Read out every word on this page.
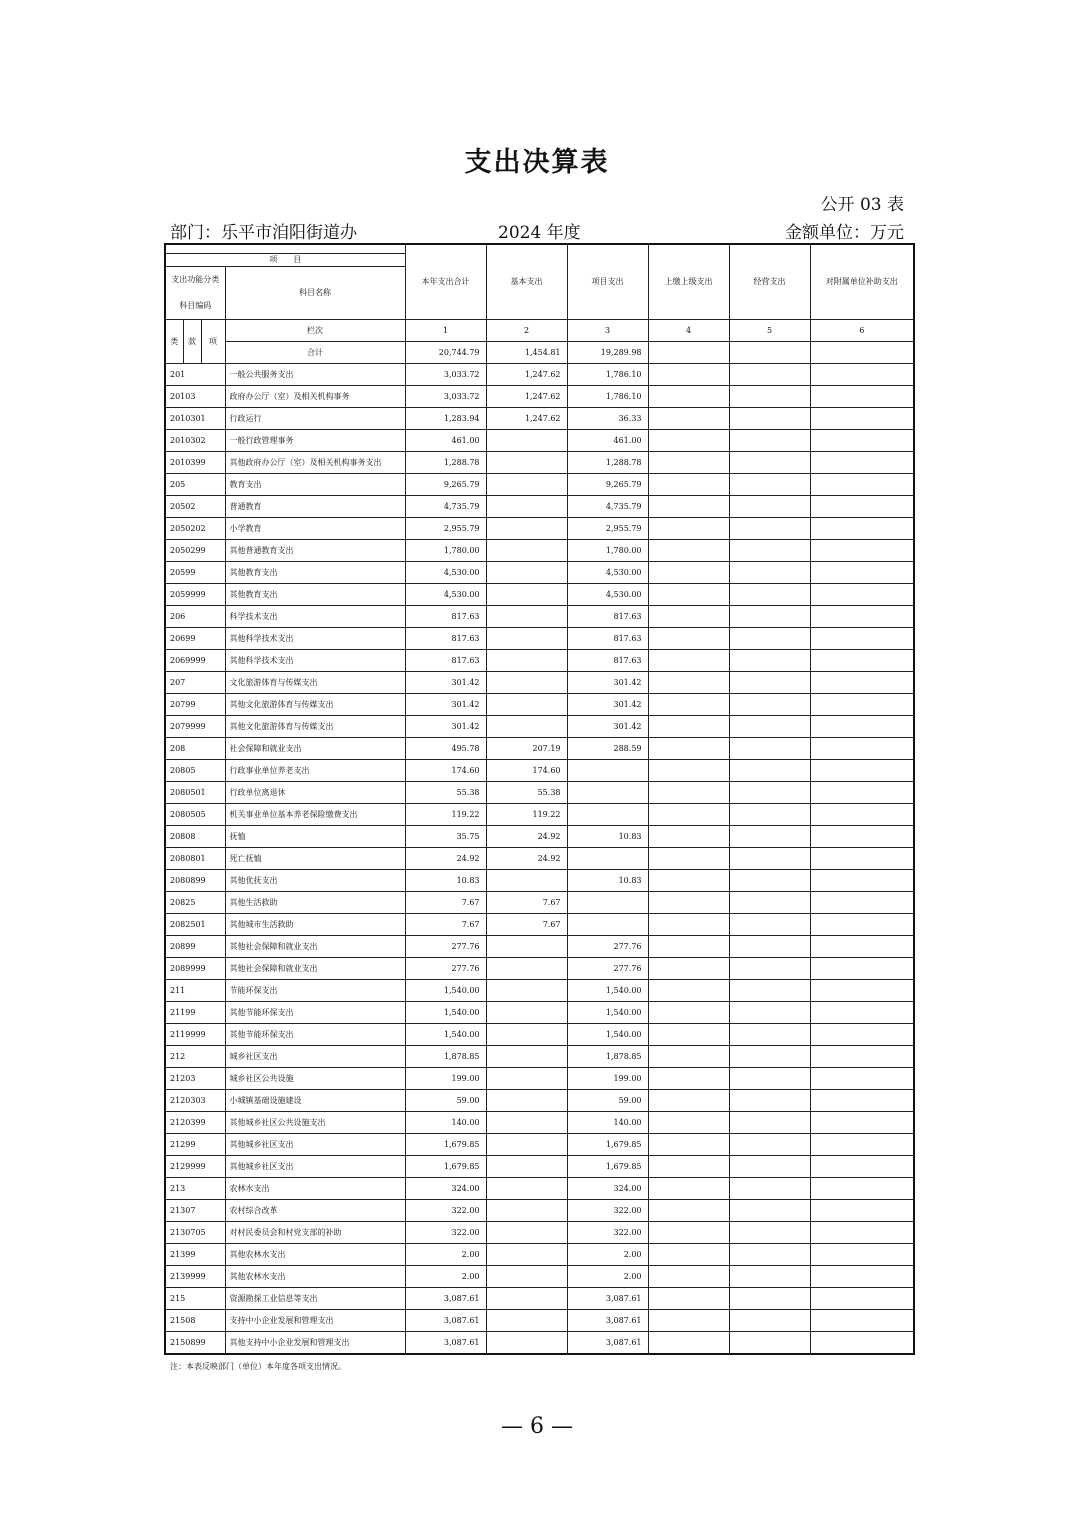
支出决算表
公开 03 表
部门：乐平市洎阳街道办	2024 年度	金额单位：万元
				本年支出合计	基本支出	项目支出	上缴上级支出	经营支出	对附属单位补助支出
项　　目									
支出功能分类科目编码			科目名称						
类	款	项	栏次	1	2	3	4	5	6
			合计	20,744.79	1,454.81	19,289.98			
201			一般公共服务支出	3,033.72	1,247.62	1,786.10			
20103			政府办公厅（室）及相关机构事务	3,033.72	1,247.62	1,786.10			
2010301			行政运行	1,283.94	1,247.62	36.33			
2010302			一般行政管理事务	461.00		461.00			
2010399			其他政府办公厅（室）及相关机构事务支出	1,288.78		1,288.78			
205			教育支出	9,265.79		9,265.79			
20502			普通教育	4,735.79		4,735.79			
2050202			小学教育	2,955.79		2,955.79			
2050299			其他普通教育支出	1,780.00		1,780.00			
20599			其他教育支出	4,530.00		4,530.00			
2059999			其他教育支出	4,530.00		4,530.00			
206			科学技术支出	817.63		817.63			
20699			其他科学技术支出	817.63		817.63			
2069999			其他科学技术支出	817.63		817.63			
207			文化旅游体育与传媒支出	301.42		301.42			
20799			其他文化旅游体育与传媒支出	301.42		301.42			
2079999			其他文化旅游体育与传媒支出	301.42		301.42			
208			社会保障和就业支出	495.78	207.19	288.59			
20805			行政事业单位养老支出	174.60	174.60				
2080501			行政单位离退休	55.38	55.38				
2080505			机关事业单位基本养老保险缴费支出	119.22	119.22				
20808			抚恤	35.75	24.92	10.83			
2080801			死亡抚恤	24.92	24.92				
2080899			其他优抚支出	10.83		10.83			
20825			其他生活救助	7.67	7.67				
2082501			其他城市生活救助	7.67	7.67				
20899			其他社会保障和就业支出	277.76		277.76			
2089999			其他社会保障和就业支出	277.76		277.76			
211			节能环保支出	1,540.00		1,540.00			
21199			其他节能环保支出	1,540.00		1,540.00			
2119999			其他节能环保支出	1,540.00		1,540.00			
212			城乡社区支出	1,878.85		1,878.85			
21203			城乡社区公共设施	199.00		199.00			
2120303			小城镇基础设施建设	59.00		59.00			
2120399			其他城乡社区公共设施支出	140.00		140.00			
21299			其他城乡社区支出	1,679.85		1,679.85			
2129999			其他城乡社区支出	1,679.85		1,679.85			
213			农林水支出	324.00		324.00			
21307			农村综合改革	322.00		322.00			
2130705			对村民委员会和村党支部的补助	322.00		322.00			
21399			其他农林水支出	2.00		2.00			
2139999			其他农林水支出	2.00		2.00			
215			资源勘探工业信息等支出	3,087.61		3,087.61			
21508			支持中小企业发展和管理支出	3,087.61		3,087.61			
2150899			其他支持中小企业发展和管理支出	3,087.61		3,087.61			
注：本表反映部门（单位）本年度各项支出情况。
— 6 —
